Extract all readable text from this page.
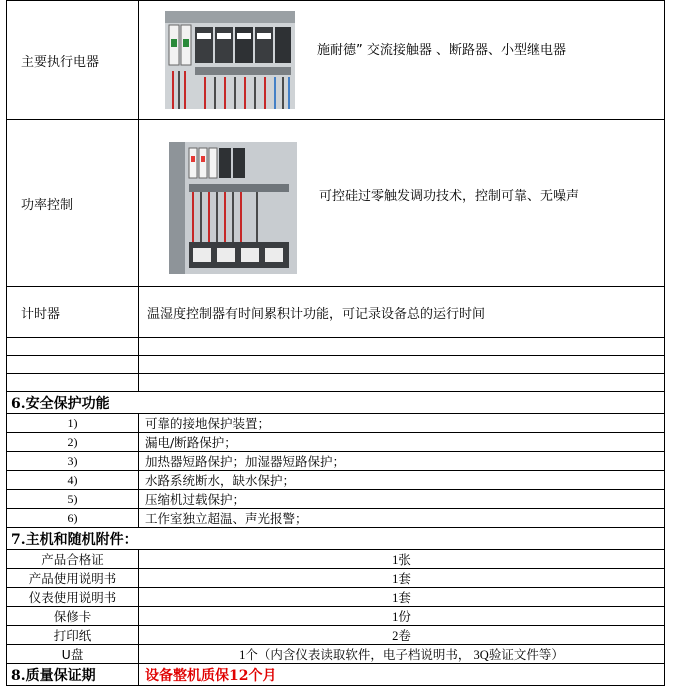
主要执行电器	施耐德” 交流接触器 、断路器、小型继电器

功率控制	可控硅过零触发调功技术，控制可靠、无噪声

计时器	温湿度控制器有时间累积计功能，可记录设备总的运行时间

6.安全保护功能	
1)	可靠的接地保护装置；
2)	漏电/断路保护；
3)	加热器短路保护；加湿器短路保护；
4)	水路系统断水，缺水保护；
5)	压缩机过载保护；
6)	工作室独立超温、声光报警；
7.主机和随机附件：	
产品合格证	1张
产品使用说明书	1套
仪表使用说明书	1套
保修卡	1份
打印纸	2卷
U盘	1个（内含仪表读取软件，电子档说明书， 3Q验证文件等）
8.质量保证期	设备整机质保12个月
